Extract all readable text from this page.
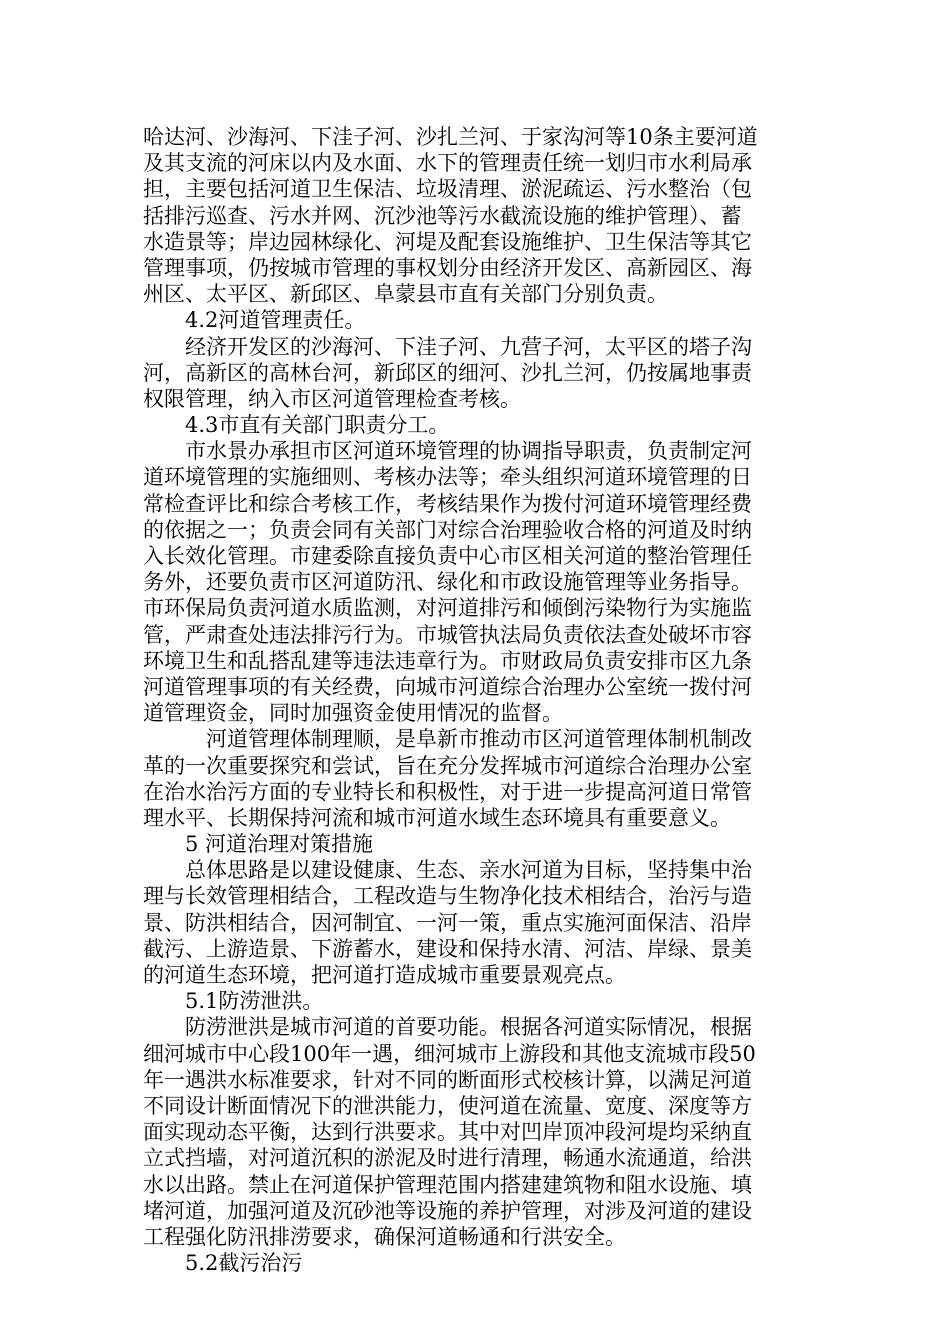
哈达河、沙海河、下洼子河、沙扎兰河、于家沟河等10条主要河道
及其支流的河床以内及水面、水下的管理责任统一划归市水利局承
担，主要包括河道卫生保洁、垃圾清理、淤泥疏运、污水整治（包
括排污巡查、污水并网、沉沙池等污水截流设施的维护管理）、蓄
水造景等；岸边园林绿化、河堤及配套设施维护、卫生保洁等其它
管理事项，仍按城市管理的事权划分由经济开发区、高新园区、海
州区、太平区、新邱区、阜蒙县市直有关部门分别负责。
4.2河道管理责任。
经济开发区的沙海河、下洼子河、九营子河，太平区的塔子沟
河，高新区的高林台河，新邱区的细河、沙扎兰河，仍按属地事责
权限管理，纳入市区河道管理检查考核。
4.3市直有关部门职责分工。
市水景办承担市区河道环境管理的协调指导职责，负责制定河
道环境管理的实施细则、考核办法等；牵头组织河道环境管理的日
常检查评比和综合考核工作，考核结果作为拨付河道环境管理经费
的依据之一；负责会同有关部门对综合治理验收合格的河道及时纳
入长效化管理。市建委除直接负责中心市区相关河道的整治管理任
务外，还要负责市区河道防汛、绿化和市政设施管理等业务指导。
市环保局负责河道水质监测，对河道排污和倾倒污染物行为实施监
管，严肃查处违法排污行为。市城管执法局负责依法查处破坏市容
环境卫生和乱搭乱建等违法违章行为。市财政局负责安排市区九条
河道管理事项的有关经费，向城市河道综合治理办公室统一拨付河
道管理资金，同时加强资金使用情况的监督。
河道管理体制理顺，是阜新市推动市区河道管理体制机制改
革的一次重要探究和尝试，旨在充分发挥城市河道综合治理办公室
在治水治污方面的专业特长和积极性，对于进一步提高河道日常管
理水平、长期保持河流和城市河道水域生态环境具有重要意义。
5 河道治理对策措施
总体思路是以建设健康、生态、亲水河道为目标，坚持集中治
理与长效管理相结合，工程改造与生物净化技术相结合，治污与造
景、防洪相结合，因河制宜、一河一策，重点实施河面保洁、沿岸
截污、上游造景、下游蓄水，建设和保持水清、河洁、岸绿、景美
的河道生态环境，把河道打造成城市重要景观亮点。
5.1防涝泄洪。
防涝泄洪是城市河道的首要功能。根据各河道实际情况，根据
细河城市中心段100年一遇，细河城市上游段和其他支流城市段50
年一遇洪水标准要求，针对不同的断面形式校核计算，以满足河道
不同设计断面情况下的泄洪能力，使河道在流量、宽度、深度等方
面实现动态平衡，达到行洪要求。其中对凹岸顶冲段河堤均采纳直
立式挡墙，对河道沉积的淤泥及时进行清理，畅通水流通道，给洪
水以出路。禁止在河道保护管理范围内搭建建筑物和阻水设施、填
堵河道，加强河道及沉砂池等设施的养护管理，对涉及河道的建设
工程强化防汛排涝要求，确保河道畅通和行洪安全。
5.2截污治污
